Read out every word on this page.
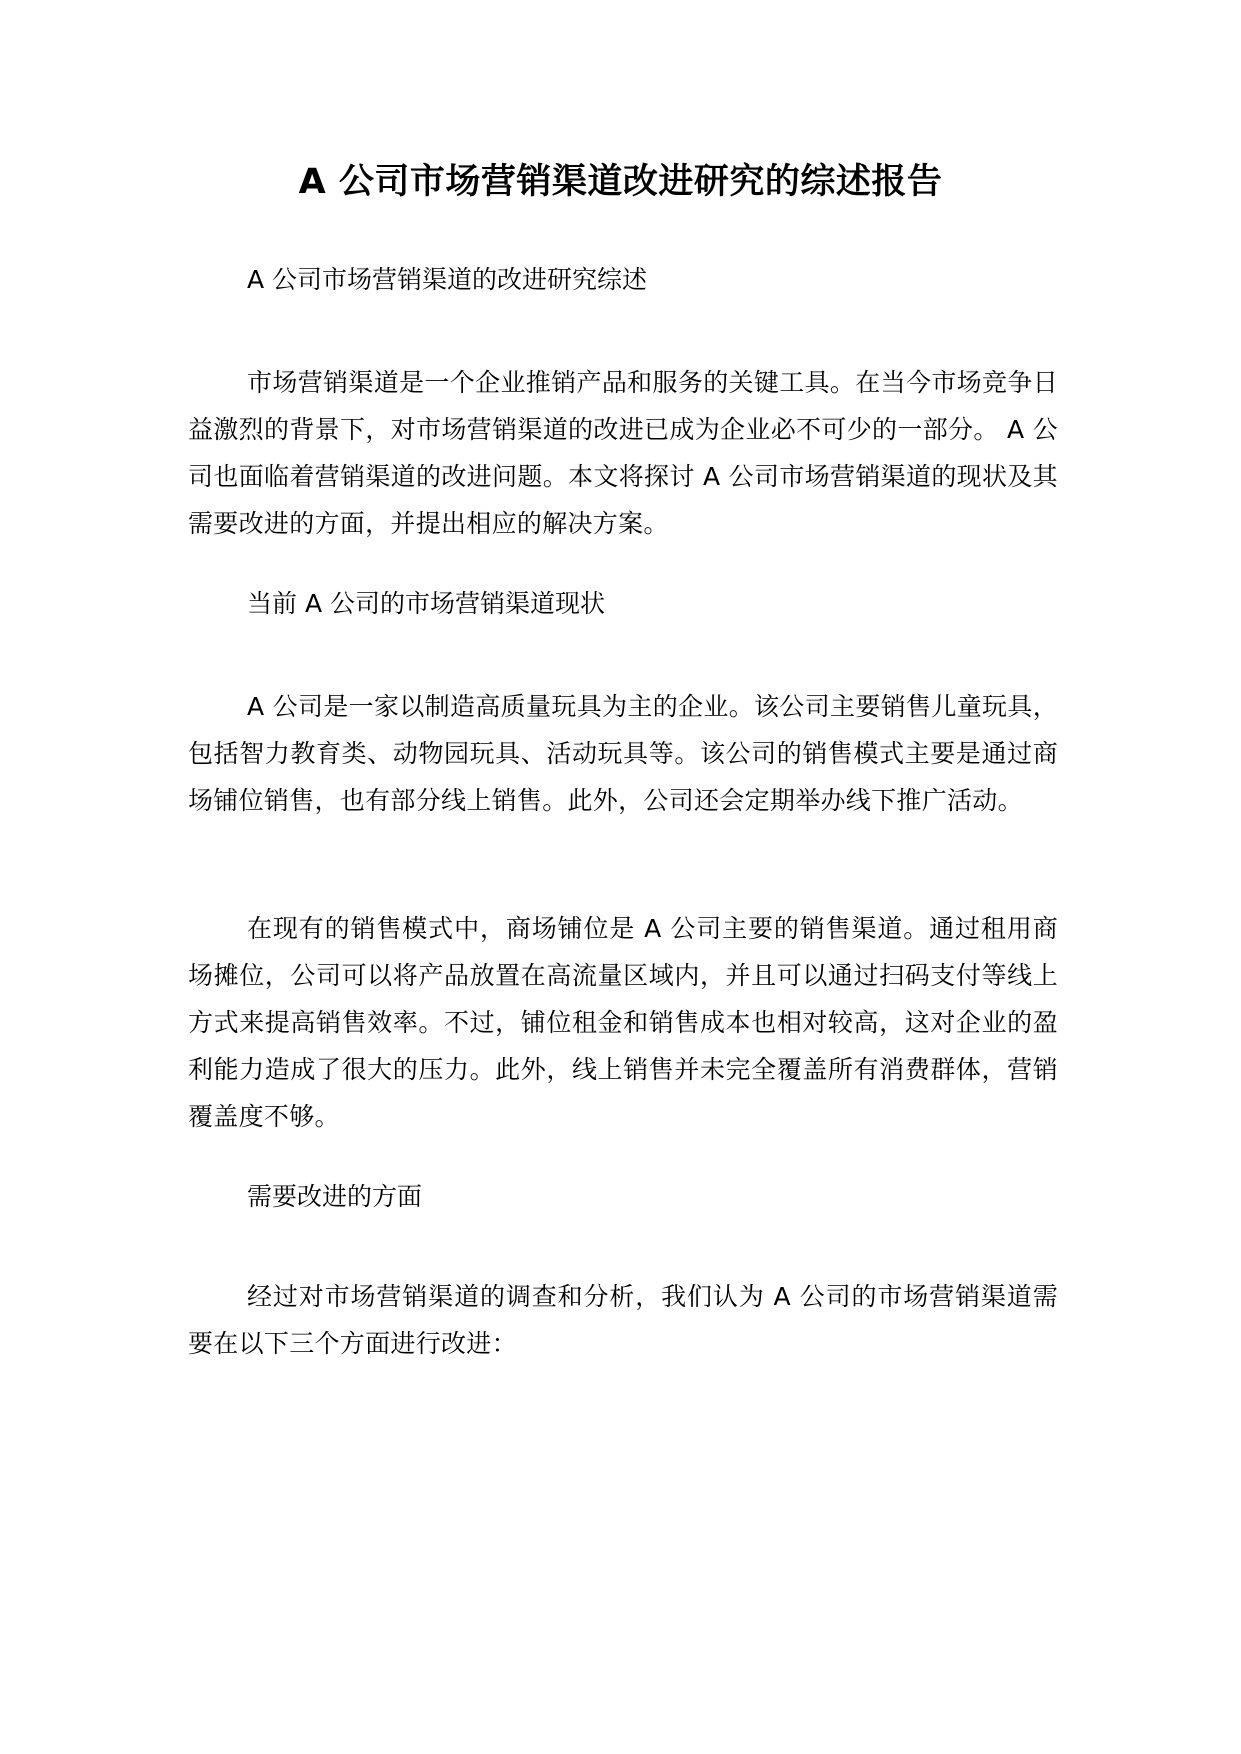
A 公司市场营销渠道改进研究的综述报告
A 公司市场营销渠道的改进研究综述
市场营销渠道是一个企业推销产品和服务的关键工具。在当今市场竞争日益激烈的背景下，对市场营销渠道的改进已成为企业必不可少的一部分。 A 公司也面临着营销渠道的改进问题。本文将探讨 A 公司市场营销渠道的现状及其需要改进的方面，并提出相应的解决方案。
当前 A 公司的市场营销渠道现状
A 公司是一家以制造高质量玩具为主的企业。该公司主要销售儿童玩具，包括智力教育类、动物园玩具、活动玩具等。该公司的销售模式主要是通过商场铺位销售，也有部分线上销售。此外，公司还会定期举办线下推广活动。
在现有的销售模式中，商场铺位是 A 公司主要的销售渠道。通过租用商场摊位，公司可以将产品放置在高流量区域内，并且可以通过扫码支付等线上方式来提高销售效率。不过，铺位租金和销售成本也相对较高，这对企业的盈利能力造成了很大的压力。此外，线上销售并未完全覆盖所有消费群体，营销覆盖度不够。
需要改进的方面
经过对市场营销渠道的调查和分析，我们认为 A 公司的市场营销渠道需要在以下三个方面进行改进：
